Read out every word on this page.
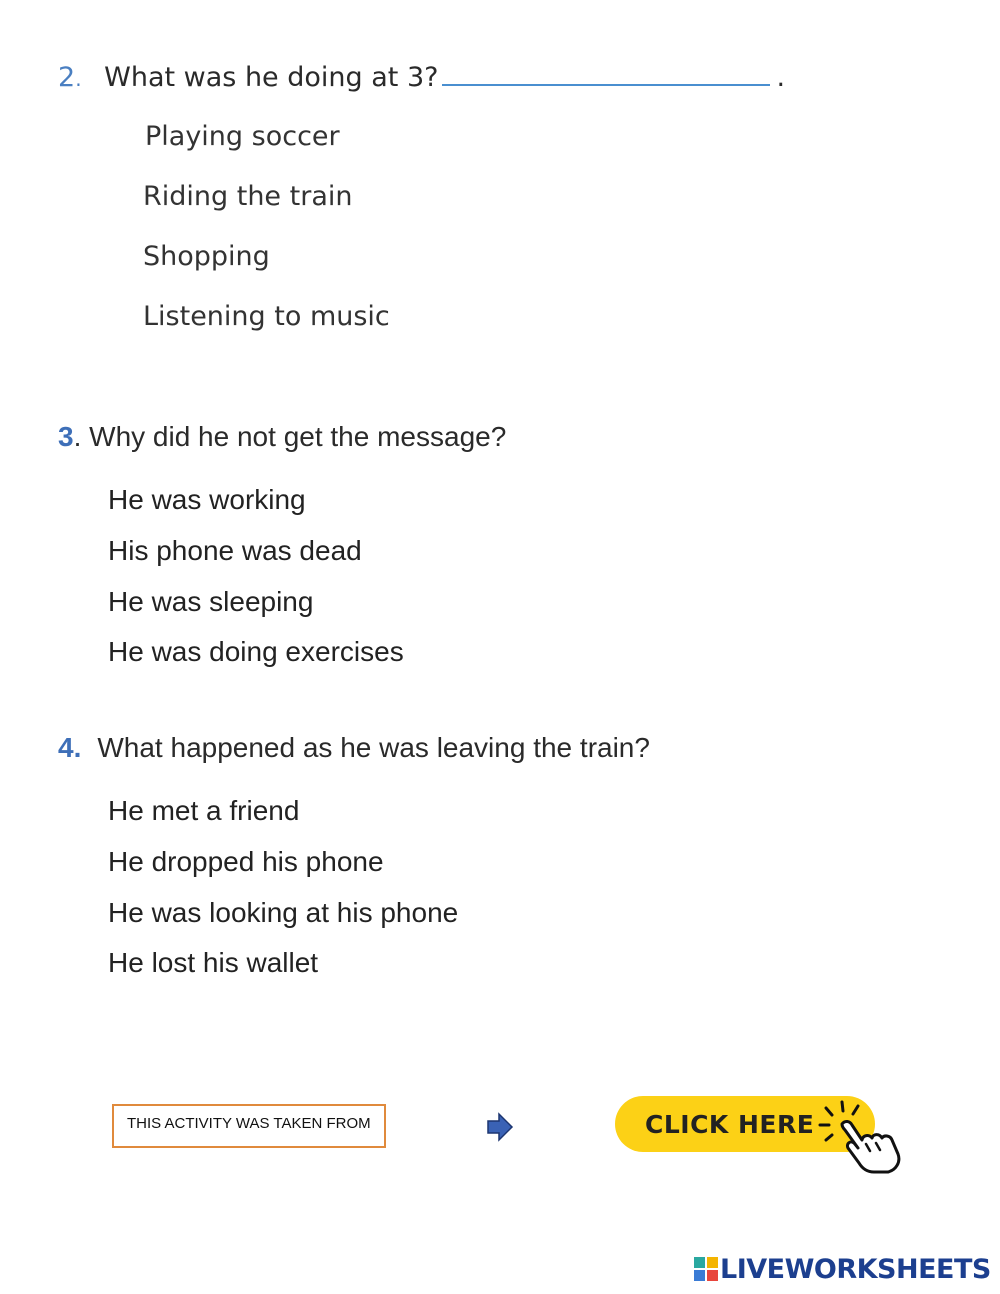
2. What was he doing at 3?	.
Playing soccer
Riding the train
Shopping
Listening to music
3. Why did he not get the message?
He was working
His phone was dead
He was sleeping
He was doing exercises
4. What happened as he was leaving the train?
He met a friend
He dropped his phone
He was looking at his phone
He lost his wallet
THIS ACTIVITY WAS TAKEN FROM	CLICK HERE
LIVEWORKSHEETS
